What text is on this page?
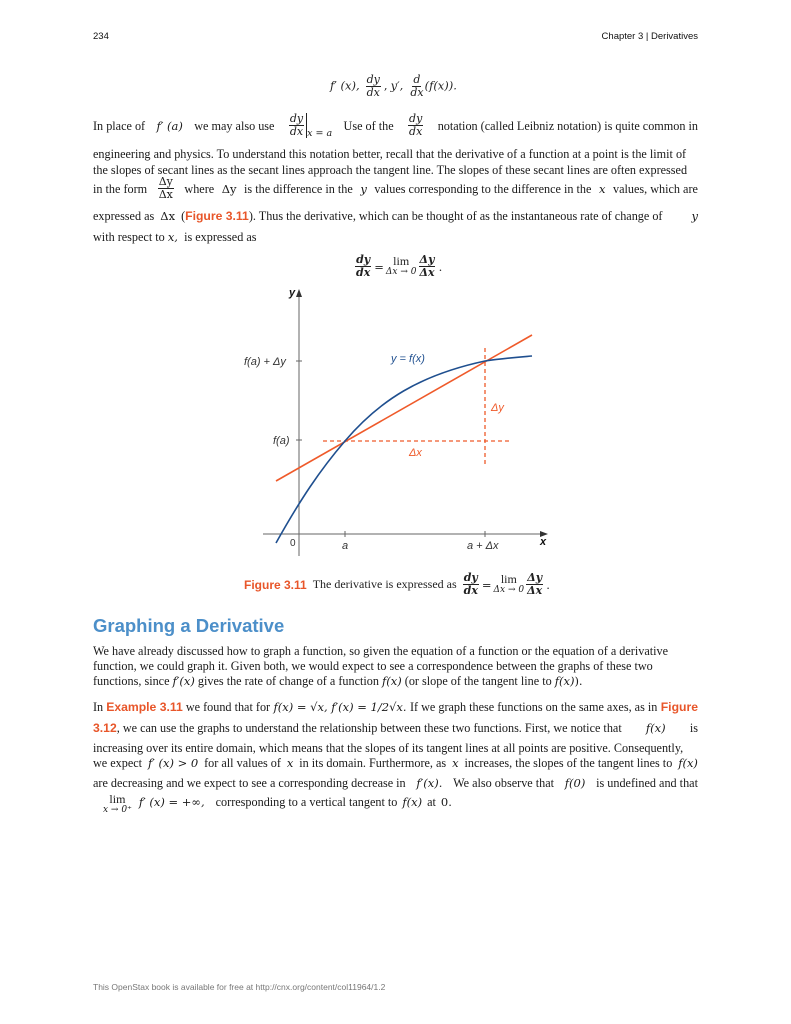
234	Chapter 3 | Derivatives
f′ (x), $\frac{dy}{dx}$ , y′, $\frac{d}{dx} (f(x))$.
In place of f′ (a) we may also use $\frac{dy}{dx}$ x = a
Use of the $\frac{dy}{dx}$ notation (called Leibniz notation) is quite common in
engineering and physics. To understand this notation better, recall that the derivative of a function at a point is the limit of
the slopes of secant lines as the secant lines approach the tangent line. The slopes of these secant lines are often expressed
in the form $\frac{\Delta y}{\Delta x}$ where Δy is the difference in the y values corresponding to the difference in the x values, which are
expressed as Δx (Figure 3.11). Thus the derivative, which can be thought of as the instantaneous rate of change of	y
with respect to x, is expressed as
$\frac{dy}{dx} = \lim$
$\Delta x \to 0 \frac{\Delta y}{\Delta x}$ .
y
x
0	a	a + Δx
f(a)
f(a) + Δy	y = f(x)
Δx
Δy
Figure 3.11 The derivative is expressed as $\frac{dy}{dx} = \lim$
$\Delta x \to 0 \frac{\Delta y}{\Delta x}$ .
Graphing a Derivative
We have already discussed how to graph a function, so given the equation of a function or the equation of a derivative
function, we could graph it. Given both, we would expect to see a correspondence between the graphs of these two
functions, since f′(x) gives the rate of change of a function f(x) (or slope of the tangent line to f(x)).
In Example 3.11 we found that for f(x) = √x, f′(x) = 1/2√x. If we graph these functions on the same axes, as in Figure
3.12, we can use the graphs to understand the relationship between these two functions. First, we notice that f(x) is
increasing over its entire domain, which means that the slopes of its tangent lines at all points are positive. Consequently,
we expect f′ (x) > 0 for all values of x in its domain. Furthermore, as x increases, the slopes of the tangent lines to f(x)
are decreasing and we expect to see a corresponding decrease in f′(x). We also observe that f(0) is undefined and that
lim
x → 0⁺
f′ (x) = +∞, corresponding to a vertical tangent to f(x) at 0.
This OpenStax book is available for free at http://cnx.org/content/col11964/1.2
